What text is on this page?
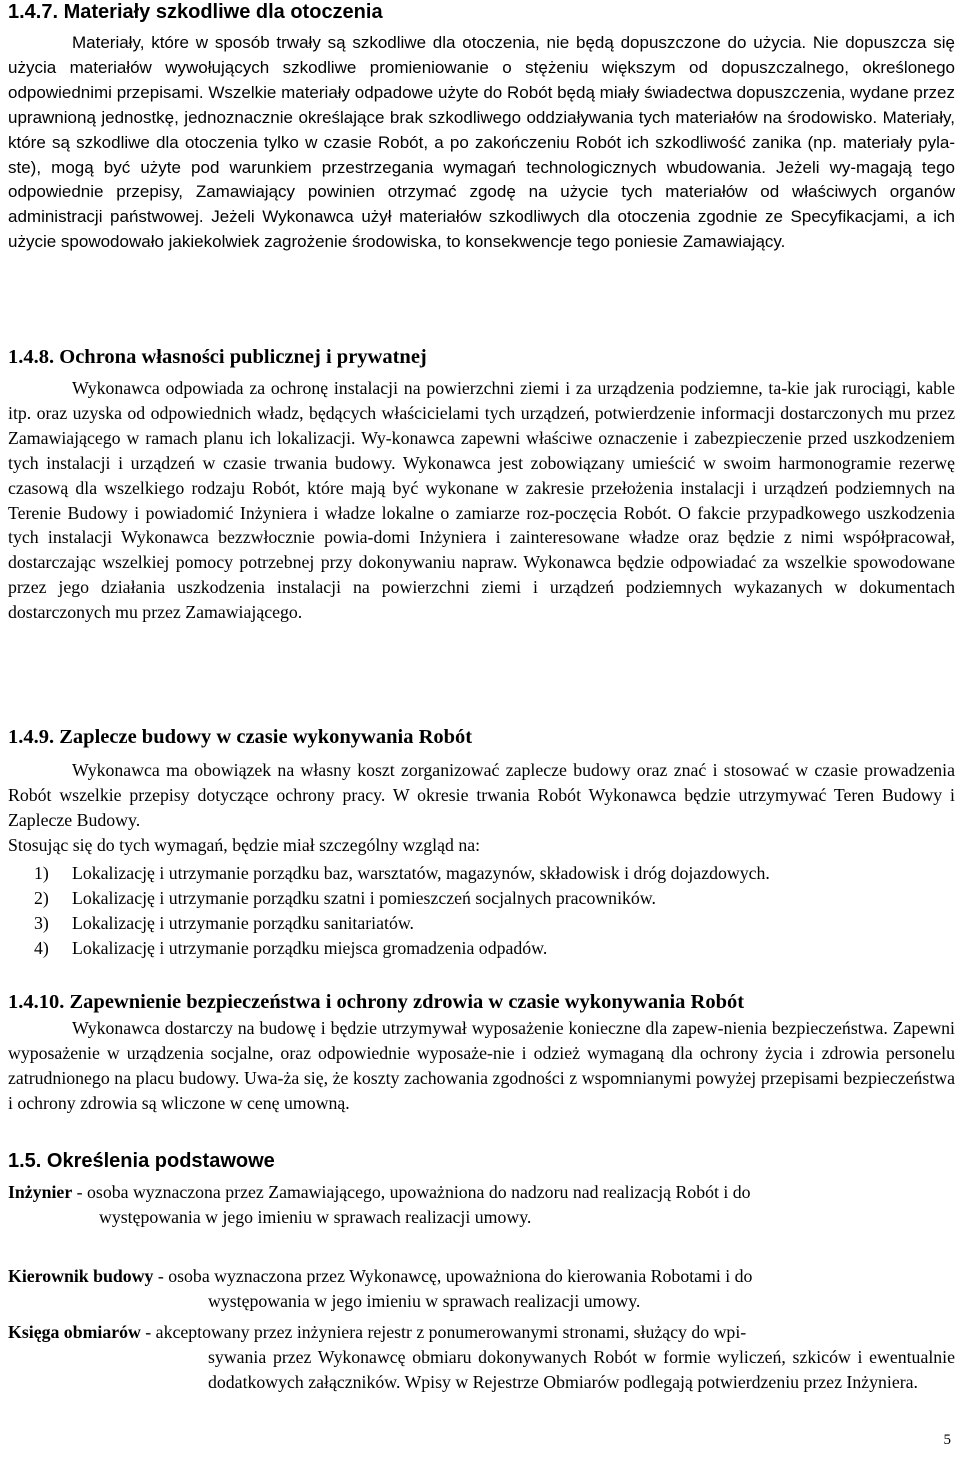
1.4.7. Materiały szkodliwe dla otoczenia

Materiały, które w sposób trwały są szkodliwe dla otoczenia, nie będą dopuszczone do użycia. Nie dopuszcza się użycia materiałów wywołujących szkodliwe promieniowanie o stężeniu większym od dopuszczalnego, określonego odpowiednimi przepisami. Wszelkie materiały odpadowe użyte do Robót będą miały świadectwa dopuszczenia, wydane przez uprawnioną jednostkę, jednoznacznie określające brak szkodliwego oddziaływania tych materiałów na środowisko. Materiały, które są szkodliwe dla otoczenia tylko w czasie Robót, a po zakończeniu Robót ich szkodliwość zanika (np. materiały pyla-ste), mogą być użyte pod warunkiem przestrzegania wymagań technologicznych wbudowania. Jeżeli wy-magają tego odpowiednie przepisy, Zamawiający powinien otrzymać zgodę na użycie tych materiałów od właściwych organów administracji państwowej. Jeżeli Wykonawca użył materiałów szkodliwych dla otoczenia zgodnie ze Specyfikacjami, a ich użycie spowodowało jakiekolwiek zagrożenie środowiska, to konsekwencje tego poniesie Zamawiający.

1.4.8. Ochrona własności publicznej i prywatnej

Wykonawca odpowiada za ochronę instalacji na powierzchni ziemi i za urządzenia podziemne, ta-kie jak rurociągi, kable itp. oraz uzyska od odpowiednich władz, będących właścicielami tych urządzeń, potwierdzenie informacji dostarczonych mu przez Zamawiającego w ramach planu ich lokalizacji. Wy-konawca zapewni właściwe oznaczenie i zabezpieczenie przed uszkodzeniem tych instalacji i urządzeń w czasie trwania budowy. Wykonawca jest zobowiązany umieścić w swoim harmonogramie rezerwę czasową dla wszelkiego rodzaju Robót, które mają być wykonane w zakresie przełożenia instalacji i urządzeń podziemnych na Terenie Budowy i powiadomić Inżyniera i władze lokalne o zamiarze roz-poczęcia Robót. O fakcie przypadkowego uszkodzenia tych instalacji Wykonawca bezzwłocznie powia-domi Inżyniera i zainteresowane władze oraz będzie z nimi współpracował, dostarczając wszelkiej pomocy potrzebnej przy dokonywaniu napraw. Wykonawca będzie odpowiadać za wszelkie spowodowane przez jego działania uszkodzenia instalacji na powierzchni ziemi i urządzeń podziemnych wykazanych w dokumentach dostarczonych mu przez Zamawiającego.

1.4.9. Zaplecze budowy w czasie wykonywania Robót

Wykonawca ma obowiązek na własny koszt zorganizować zaplecze budowy oraz znać i stosować w czasie prowadzenia Robót wszelkie przepisy dotyczące ochrony pracy. W okresie trwania Robót Wykonawca będzie utrzymywać Teren Budowy i Zaplecze Budowy.

Stosując się do tych wymagań, będzie miał szczególny wzgląd na:

1) Lokalizację i utrzymanie porządku baz, warsztatów, magazynów, składowisk i dróg dojazdowych.
2) Lokalizację i utrzymanie porządku szatni i pomieszczeń socjalnych pracowników.
3) Lokalizację i utrzymanie porządku sanitariatów.
4) Lokalizację i utrzymanie porządku miejsca gromadzenia odpadów.
1.4.10. Zapewnienie bezpieczeństwa i ochrony zdrowia w czasie wykonywania Robót

Wykonawca dostarczy na budowę i będzie utrzymywał wyposażenie konieczne dla zapew-nienia bezpieczeństwa. Zapewni wyposażenie w urządzenia socjalne, oraz odpowiednie wyposaże-nie i odzież wymaganą dla ochrony życia i zdrowia personelu zatrudnionego na placu budowy. Uwa-ża się, że koszty zachowania zgodności z wspomnianymi powyżej przepisami bezpieczeństwa i ochrony zdrowia są wliczone w cenę umowną.

1.5. Określenia podstawowe
Inżynier - osoba wyznaczona przez Zamawiającego, upoważniona do nadzoru nad realizacją Robót i do
występowania w jego imieniu w sprawach realizacji umowy.
Kierownik budowy - osoba wyznaczona przez Wykonawcę, upoważniona do kierowania Robotami i do
występowania w jego imieniu w sprawach realizacji umowy.
Księga obmiarów - akceptowany przez inżyniera rejestr z ponumerowanymi stronami, służący do wpi-
sywania przez Wykonawcę obmiaru dokonywanych Robót w formie wyliczeń, szkiców i ewentualnie dodatkowych załączników. Wpisy w Rejestrze Obmiarów podlegają potwierdzeniu przez Inżyniera.
5
